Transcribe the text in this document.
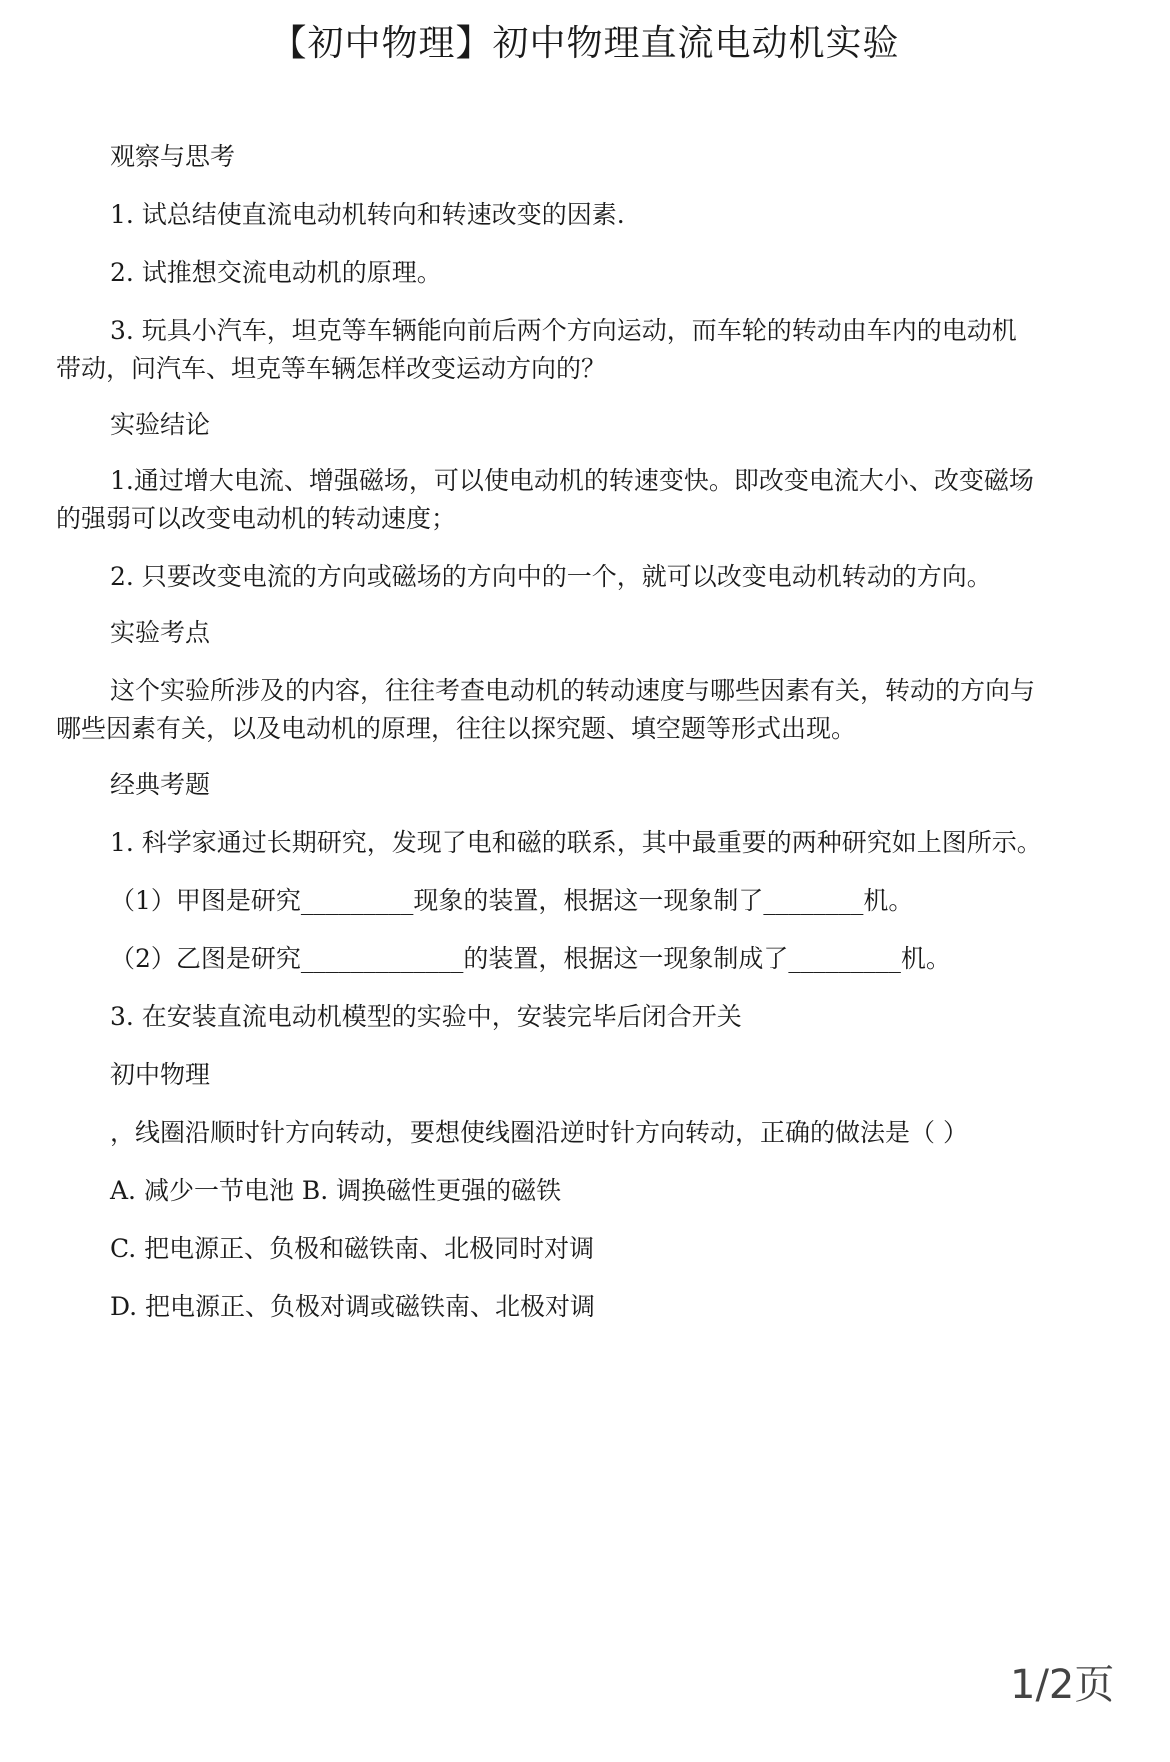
【初中物理】初中物理直流电动机实验
观察与思考
1. 试总结使直流电动机转向和转速改变的因素.
2. 试推想交流电动机的原理。
3. 玩具小汽车，坦克等车辆能向前后两个方向运动，而车轮的转动由车内的电动机
带动，问汽车、坦克等车辆怎样改变运动方向的？
实验结论
1.通过增大电流、增强磁场，可以使电动机的转速变快。即改变电流大小、改变磁场
的强弱可以改变电动机的转动速度；
2. 只要改变电流的方向或磁场的方向中的一个，就可以改变电动机转动的方向。
实验考点
这个实验所涉及的内容，往往考查电动机的转动速度与哪些因素有关，转动的方向与
哪些因素有关，以及电动机的原理，往往以探究题、填空题等形式出现。
经典考题
1. 科学家通过长期研究，发现了电和磁的联系，其中最重要的两种研究如上图所示。
（1）甲图是研究_________现象的装置，根据这一现象制了________机。
（2）乙图是研究_____________的装置，根据这一现象制成了_________机。
3. 在安装直流电动机模型的实验中，安装完毕后闭合开关
初中物理
，线圈沿顺时针方向转动，要想使线圈沿逆时针方向转动，正确的做法是（ ）
A. 减少一节电池 B. 调换磁性更强的磁铁
C. 把电源正、负极和磁铁南、北极同时对调
D. 把电源正、负极对调或磁铁南、北极对调
1/2页
